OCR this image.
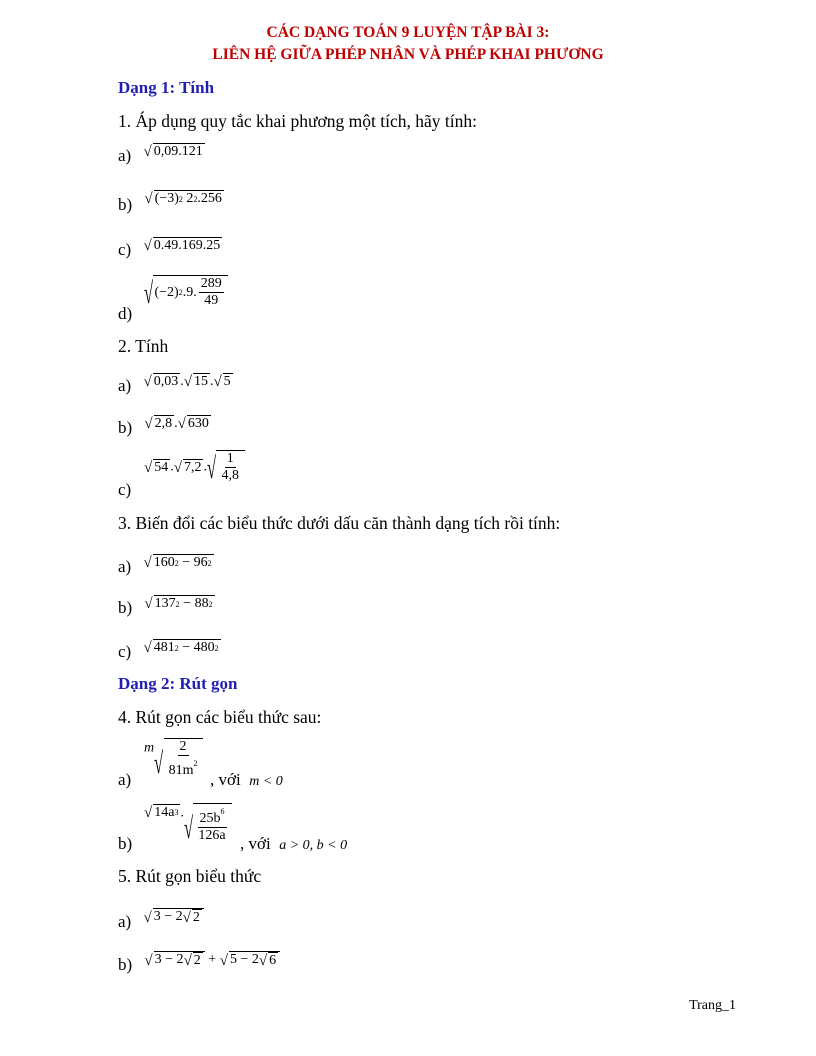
CÁC DẠNG TOÁN 9 LUYỆN TẬP BÀI 3:
LIÊN HỆ GIỮA PHÉP NHÂN VÀ PHÉP KHAI PHƯƠNG
Dạng 1: Tính
1. Áp dụng quy tắc khai phương một tích, hãy tính:
a) √ 0,09.121
b) √ (−3) 2
2 2 .256
c) √ 0.49.169.25
d)
√ (−2) 2 .9. $\frac{289}{49}$
2. Tính
a) $^{√ 0,03 . √ 15 . √ 5}$
b) $^{√ 2,8 . √ 630}$
c)
√ 54 . √ 7,2 . √ $\frac{1}{4,8}$
3. Biến đổi các biểu thức dưới dấu căn thành dạng tích rồi tính:
a) $^{√ 160 2 - 96 2}$
b) $^{√ 137 2 - 88 2}$
c) $^{√ 481 2 - 480 2}$
Dạng 2: Rút gọn
4. Rút gọn các biểu thức sau:
a)
m √ $\frac{2}{81m^2}$
, với m < 0
b)
√ 14a 3 . √ $\frac{25b^6}{126a}$ , với a > 0, b < 0
5. Rút gọn biểu thức
a) $^{√ 3 - 2 √ 2}$
b) $^{√ 3 - 2 √ 2 + √ 5 - 2 √ 6}$
Trang_1
